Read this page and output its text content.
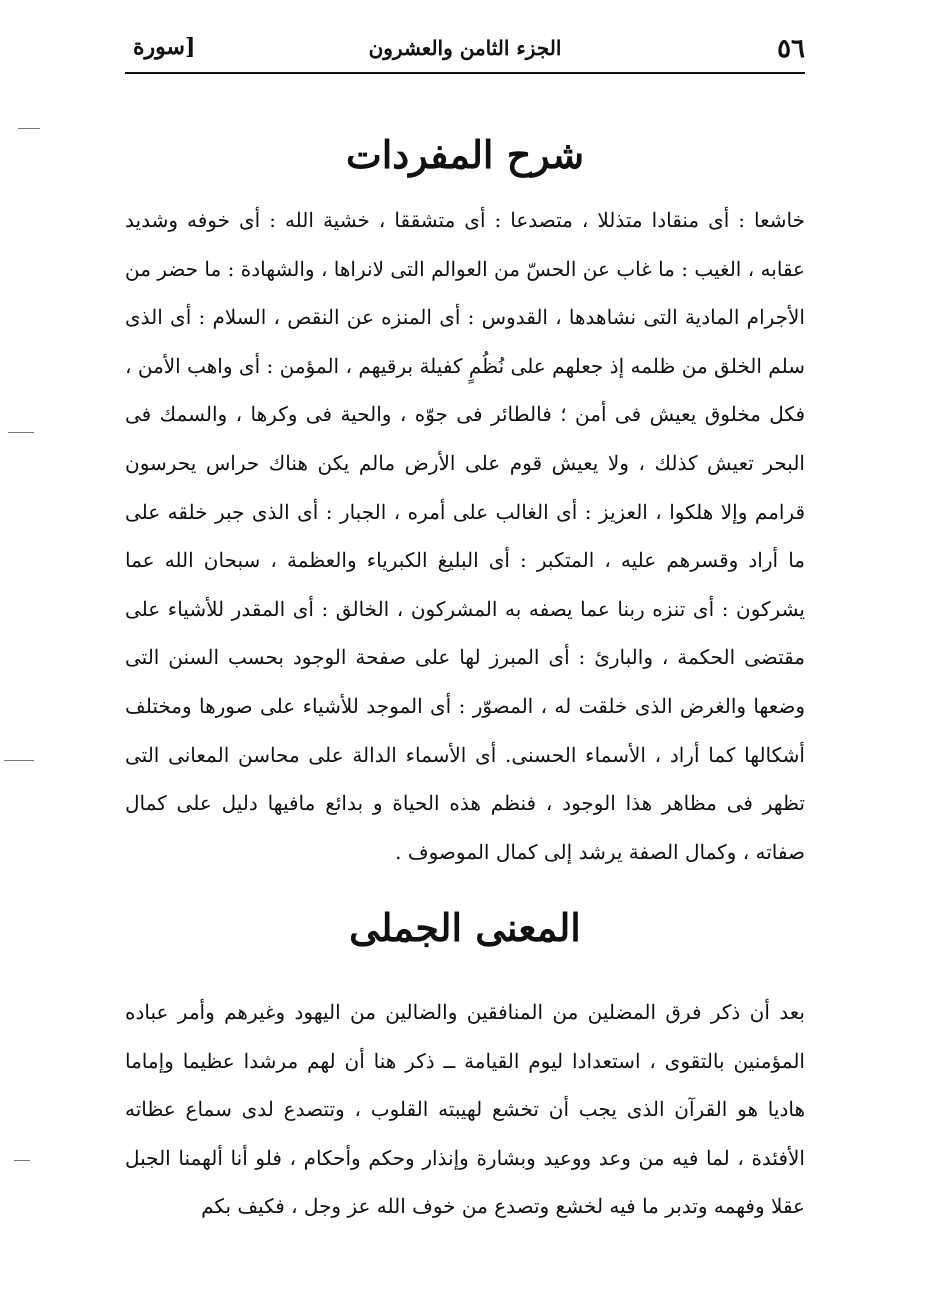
٥٦
الجزء الثامن والعشرون
[سورة
شرح المفردات
خاشعا : أى منقادا متذللا ، متصدعا : أى متشققا ، خشية الله : أى خوفه وشديد عقابه ، الغيب : ما غاب عن الحسّ من العوالم التى لانراها ، والشهادة : ما حضر من الأجرام المادية التى نشاهدها ، القدوس : أى المنزه عن النقص ، السلام : أى الذى سلم الخلق من ظلمه إذ جعلهم على نُظُمٍ كفيلة برقيهم ، المؤمن : أى واهب الأمن ، فكل مخلوق يعيش فى أمن ؛ فالطائر فى جوّه ، والحية فى وكرها ، والسمك فى البحر تعيش كذلك ، ولا يعيش قوم على الأرض مالم يكن هناك حراس يحرسون قرامم وإلا هلكوا ، العزيز : أى الغالب على أمره ، الجبار : أى الذى جبر خلقه على ما أراد وقسرهم عليه ، المتكبر : أى البليغ الكبرياء والعظمة ، سبحان الله عما يشركون : أى تنزه ربنا عما يصفه به المشركون ، الخالق : أى المقدر للأشياء على مقتضى الحكمة ، والبارئ : أى المبرز لها على صفحة الوجود بحسب السنن التى وضعها والغرض الذى خلقت له ، المصوّر : أى الموجد للأشياء على صورها ومختلف أشكالها كما أراد ، الأسماء الحسنى. أى الأسماء الدالة على محاسن المعانى التى تظهر فى مظاهر هذا الوجود ، فنظم هذه الحياة و بدائع مافيها دليل على كمال صفاته ، وكمال الصفة يرشد إلى كمال الموصوف .
المعنى الجملى
بعد أن ذكر فرق المضلين من المنافقين والضالين من اليهود وغيرهم وأمر عباده المؤمنين بالتقوى ، استعدادا ليوم القيامة ــ ذكر هنا أن لهم مرشدا عظيما وإماما هاديا هو القرآن الذى يجب أن تخشع لهيبته القلوب ، وتتصدع لدى سماع عظاته الأفئدة ، لما فيه من وعد ووعيد وبشارة وإنذار وحكم وأحكام ، فلو أنا ألهمنا الجبل عقلا وفهمه وتدبر ما فيه لخشع وتصدع من خوف الله عز وجل ، فكيف بكم
